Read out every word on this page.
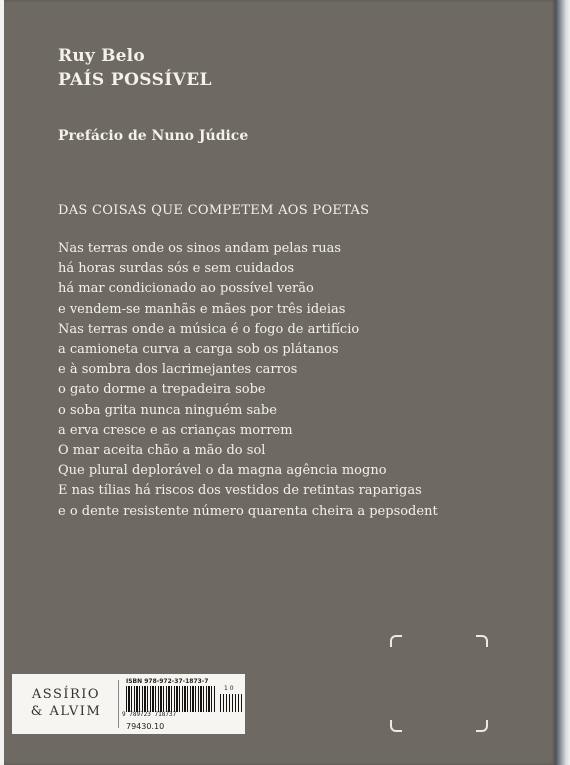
Ruy Belo
PAÍS POSSÍVEL
Prefácio de Nuno Júdice
DAS COISAS QUE COMPETEM AOS POETAS
Nas terras onde os sinos andam pelas ruas
há horas surdas sós e sem cuidados
há mar condicionado ao possível verão
e vendem-se manhãs e mães por três ideias
Nas terras onde a música é o fogo de artifício
a camioneta curva a carga sob os plátanos
e à sombra dos lacrimejantes carros
o gato dorme a trepadeira sobe
o soba grita nunca ninguém sabe
a erva cresce e as crianças morrem
O mar aceita chão a mão do sol
Que plural deplorável o da magna agência mogno
E nas tílias há riscos dos vestidos de retintas raparigas
e o dente resistente número quarenta cheira a pepsodent
ASSÍRIO
& ALVIM
ISBN 978-972-37-1873-7
9 789723 718737
1 0
79430.10
